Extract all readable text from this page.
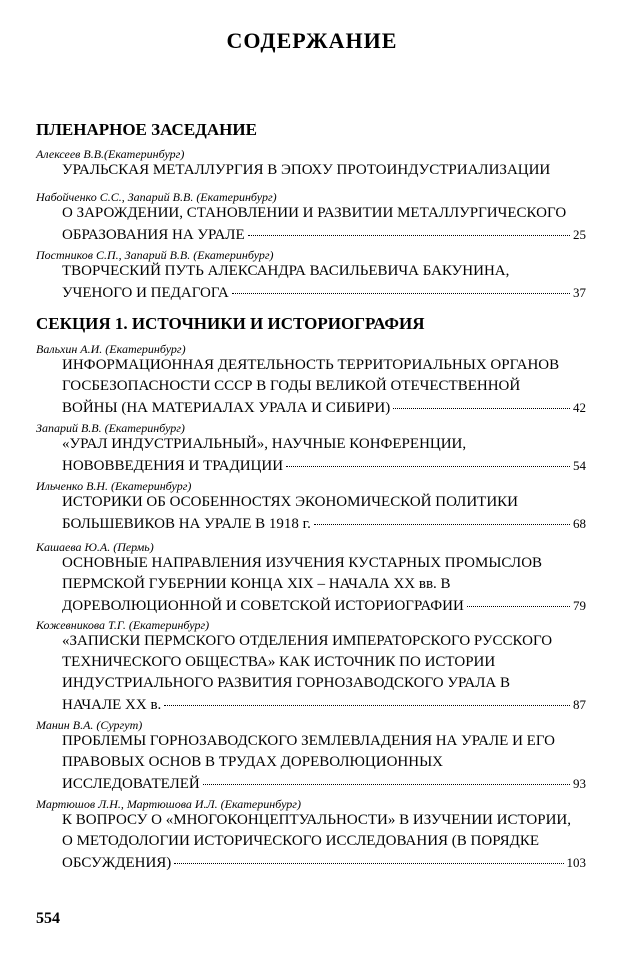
СОДЕРЖАНИЕ
ПЛЕНАРНОЕ ЗАСЕДАНИЕ
Алексеев В.В.(Екатеринбург)
УРАЛЬСКАЯ МЕТАЛЛУРГИЯ В ЭПОХУ ПРОТОИНДУСТРИАЛИЗАЦИИ
Набойченко С.С., Запарий В.В. (Екатеринбург)
О ЗАРОЖДЕНИИ, СТАНОВЛЕНИИ И РАЗВИТИИ МЕТАЛЛУРГИЧЕСКОГО
ОБРАЗОВАНИЯ НА УРАЛЕ	25
Постников С.П., Запарий В.В. (Екатеринбург)
ТВОРЧЕСКИЙ ПУТЬ АЛЕКСАНДРА ВАСИЛЬЕВИЧА БАКУНИНА,
УЧЕНОГО И ПЕДАГОГА	37
СЕКЦИЯ 1. ИСТОЧНИКИ И ИСТОРИОГРАФИЯ
Вальхин А.И. (Екатеринбург)
ИНФОРМАЦИОННАЯ ДЕЯТЕЛЬНОСТЬ ТЕРРИТОРИАЛЬНЫХ ОРГАНОВ
ГОСБЕЗОПАСНОСТИ СССР В ГОДЫ ВЕЛИКОЙ ОТЕЧЕСТВЕННОЙ
ВОЙНЫ (НА МАТЕРИАЛАХ УРАЛА И СИБИРИ)	42
Запарий В.В. (Екатеринбург)
«УРАЛ ИНДУСТРИАЛЬНЫЙ», НАУЧНЫЕ КОНФЕРЕНЦИИ,
НОВОВВЕДЕНИЯ И ТРАДИЦИИ	54
Ильченко В.Н. (Екатеринбург)
ИСТОРИКИ ОБ ОСОБЕННОСТЯХ ЭКОНОМИЧЕСКОЙ ПОЛИТИКИ
БОЛЬШЕВИКОВ НА УРАЛЕ В 1918 г.	68
Кашаева Ю.А. (Пермь)
ОСНОВНЫЕ НАПРАВЛЕНИЯ ИЗУЧЕНИЯ КУСТАРНЫХ ПРОМЫСЛОВ
ПЕРМСКОЙ ГУБЕРНИИ КОНЦА XIX – НАЧАЛА XX вв. В
ДОРЕВОЛЮЦИОННОЙ И СОВЕТСКОЙ ИСТОРИОГРАФИИ	79
Кожевникова Т.Г. (Екатеринбург)
«ЗАПИСКИ ПЕРМСКОГО ОТДЕЛЕНИЯ ИМПЕРАТОРСКОГО РУССКОГО
ТЕХНИЧЕСКОГО ОБЩЕСТВА» КАК ИСТОЧНИК ПО ИСТОРИИ
ИНДУСТРИАЛЬНОГО РАЗВИТИЯ ГОРНОЗАВОДСКОГО УРАЛА В
НАЧАЛЕ XX в.	87
Манин В.А. (Сургут)
ПРОБЛЕМЫ ГОРНОЗАВОДСКОГО ЗЕМЛЕВЛАДЕНИЯ НА УРАЛЕ И ЕГО
ПРАВОВЫХ ОСНОВ В ТРУДАХ ДОРЕВОЛЮЦИОННЫХ
ИССЛЕДОВАТЕЛЕЙ	93
Мартюшов Л.Н., Мартюшова И.Л. (Екатеринбург)
К ВОПРОСУ О «МНОГОКОНЦЕПТУАЛЬНОСТИ» В ИЗУЧЕНИИ ИСТОРИИ,
О МЕТОДОЛОГИИ ИСТОРИЧЕСКОГО ИССЛЕДОВАНИЯ (В ПОРЯДКЕ
ОБСУЖДЕНИЯ)	103
554
